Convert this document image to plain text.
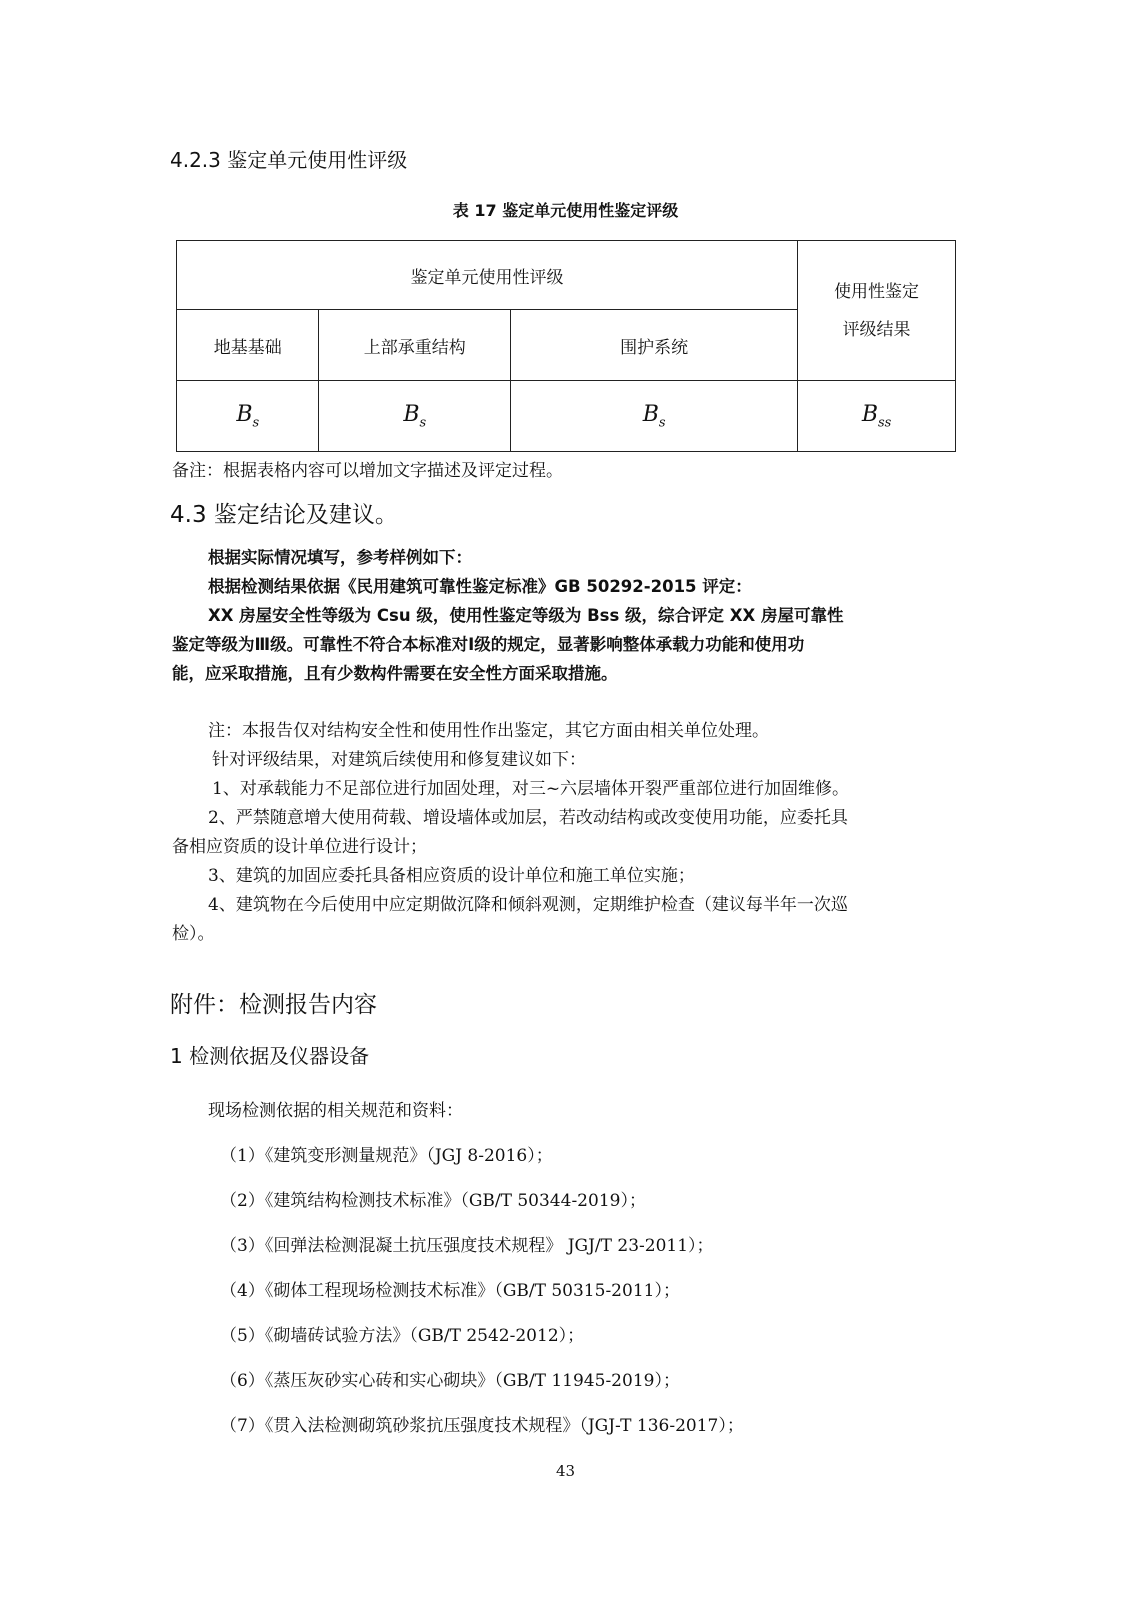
4.2.3 鉴定单元使用性评级
表 17 鉴定单元使用性鉴定评级
鉴定单元使用性评级			使用性鉴定
评级结果

地基基础	上部承重结构	围护系统	
$B_s$	$B_s$	$B_s$	$B_{ss}$
备注：根据表格内容可以增加文字描述及评定过程。
4.3 鉴定结论及建议。
根据实际情况填写，参考样例如下：
根据检测结果依据《民用建筑可靠性鉴定标准》GB 50292-2015 评定：
XX 房屋安全性等级为 Csu 级，使用性鉴定等级为 Bss 级，综合评定 XX 房屋可靠性
鉴定等级为Ⅲ级。可靠性不符合本标准对Ⅰ级的规定，显著影响整体承载力功能和使用功
能，应采取措施，且有少数构件需要在安全性方面采取措施。
注：本报告仅对结构安全性和使用性作出鉴定，其它方面由相关单位处理。
针对评级结果，对建筑后续使用和修复建议如下：
1、对承载能力不足部位进行加固处理，对三~六层墙体开裂严重部位进行加固维修。
2、严禁随意增大使用荷载、增设墙体或加层，若改动结构或改变使用功能，应委托具
备相应资质的设计单位进行设计；
3、建筑的加固应委托具备相应资质的设计单位和施工单位实施；
4、建筑物在今后使用中应定期做沉降和倾斜观测，定期维护检查（建议每半年一次巡
检）。
附件：检测报告内容
1 检测依据及仪器设备
现场检测依据的相关规范和资料：
（1）《建筑变形测量规范》（JGJ 8-2016）；
（2）《建筑结构检测技术标准》（GB/T 50344-2019）；
（3）《回弹法检测混凝土抗压强度技术规程》 JGJ/T 23-2011）；
（4）《砌体工程现场检测技术标准》（GB/T 50315-2011）；
（5）《砌墙砖试验方法》（GB/T 2542-2012）；
（6）《蒸压灰砂实心砖和实心砌块》（GB/T 11945-2019）；
（7）《贯入法检测砌筑砂浆抗压强度技术规程》（JGJ-T 136-2017）；
43
